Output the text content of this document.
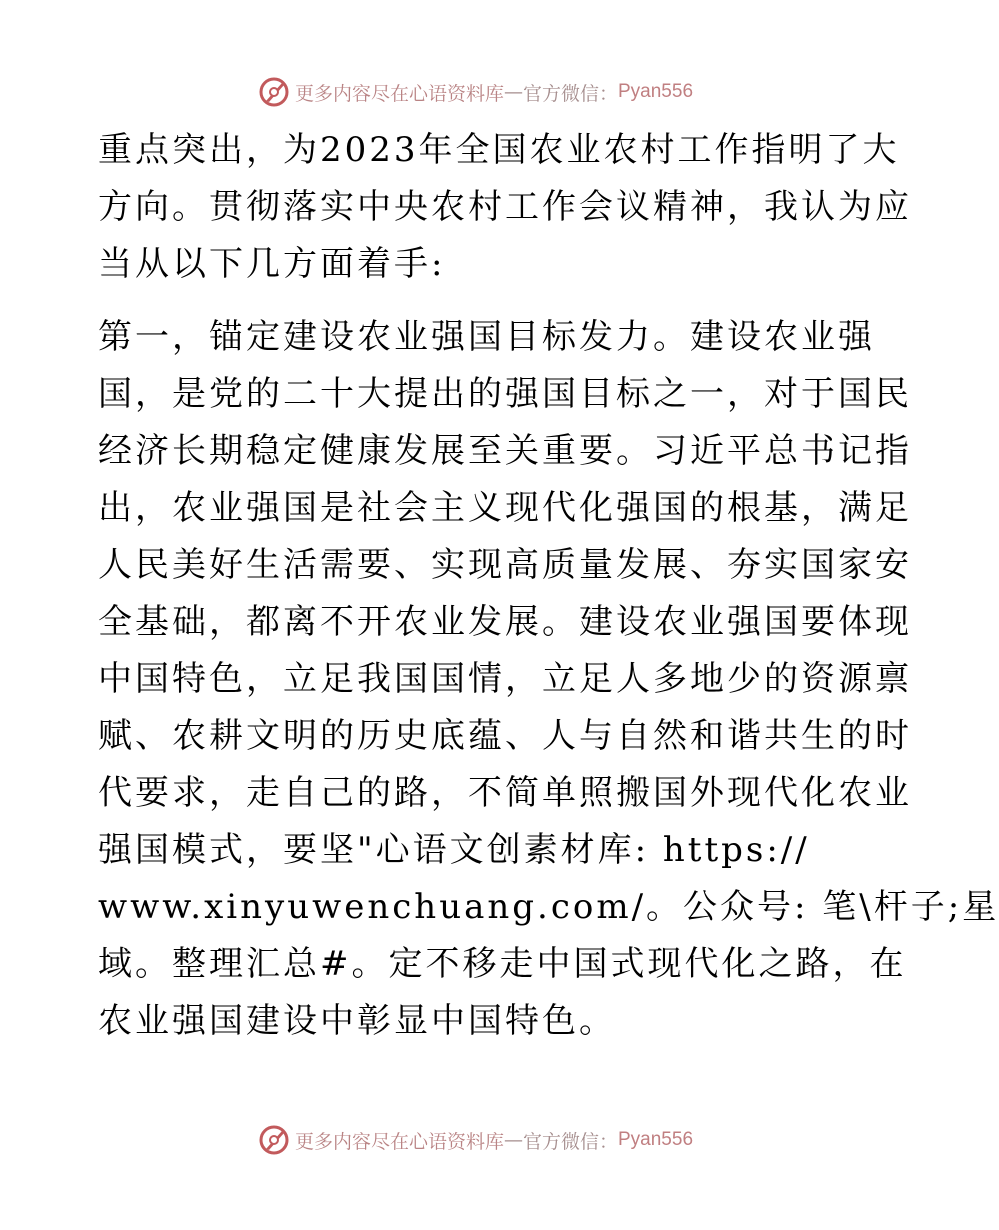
更多内容尽在心语资料库 — 官方微信： Pyan556
重点突出，为2023年全国农业农村工作指明了大
方向。贯彻落实中央农村工作会议精神，我认为应
当从以下几方面着手:
第一，锚定建设农业强国目标发力。建设农业强
国，是党的二十大提出的强国目标之一，对于国民
经济长期稳定健康发展至关重要。习近平总书记指
出，农业强国是社会主义现代化强国的根基，满足
人民美好生活需要、实现高质量发展、夯实国家安
全基础，都离不开农业发展。建设农业强国要体现
中国特色，立足我国国情，立足人多地少的资源禀
赋、农耕文明的历史底蕴、人与自然和谐共生的时
代要求，走自己的路，不简单照搬国外现代化农业
强国模式，要坚"心语文创素材库: https://
www.xinyuwenchuang.com/。公众号: 笔\杆子;星
域。整理汇总#。定不移走中国式现代化之路，在
农业强国建设中彰显中国特色。
更多内容尽在心语资料库 — 官方微信： Pyan556
